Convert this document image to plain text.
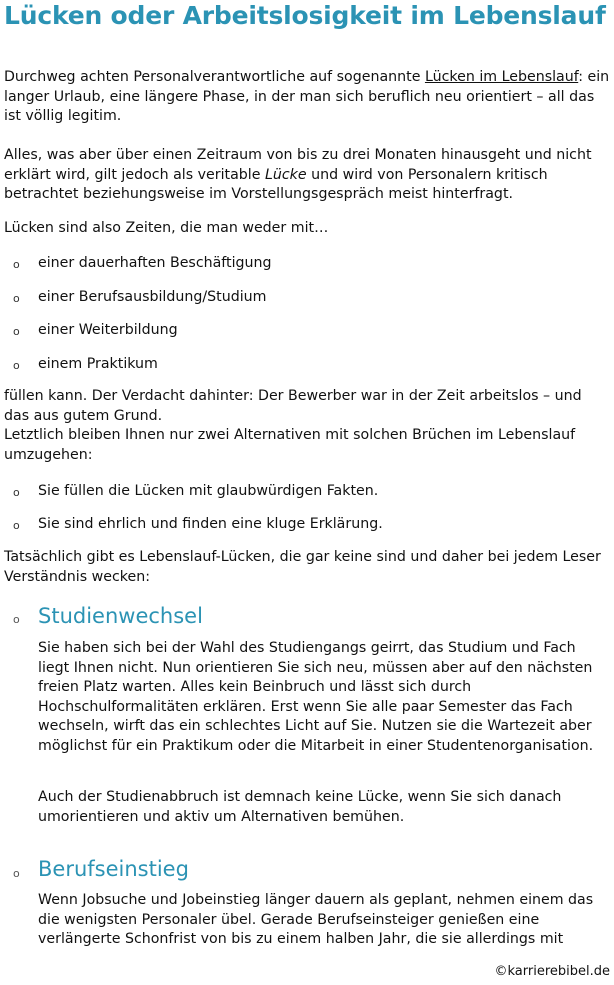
Lücken oder Arbeitslosigkeit im Lebenslauf

Durchweg achten Personalverantwortliche auf sogenannte Lücken im Lebenslauf: ein langer Urlaub, eine längere Phase, in der man sich beruflich neu orientiert – all das ist völlig legitim.

Alles, was aber über einen Zeitraum von bis zu drei Monaten hinausgeht und nicht erklärt wird, gilt jedoch als veritable Lücke und wird von Personalern kritisch betrachtet beziehungsweise im Vorstellungsgespräch meist hinterfragt.

Lücken sind also Zeiten, die man weder mit…

o einer dauerhaften Beschäftigung
o einer Berufsausbildung/Studium
o einer Weiterbildung
o einem Praktikum

füllen kann. Der Verdacht dahinter: Der Bewerber war in der Zeit arbeitslos – und das aus gutem Grund.

Letztlich bleiben Ihnen nur zwei Alternativen mit solchen Brüchen im Lebenslauf umzugehen:

o Sie füllen die Lücken mit glaubwürdigen Fakten.
o Sie sind ehrlich und finden eine kluge Erklärung.

Tatsächlich gibt es Lebenslauf-Lücken, die gar keine sind und daher bei jedem Leser Verständnis wecken:

o Studienwechsel

Sie haben sich bei der Wahl des Studiengangs geirrt, das Studium und Fach liegt Ihnen nicht. Nun orientieren Sie sich neu, müssen aber auf den nächsten freien Platz warten. Alles kein Beinbruch und lässt sich durch Hochschulformalitäten erklären. Erst wenn Sie alle paar Semester das Fach wechseln, wirft das ein schlechtes Licht auf Sie. Nutzen sie die Wartezeit aber möglichst für ein Praktikum oder die Mitarbeit in einer Studentenorganisation.

Auch der Studienabbruch ist demnach keine Lücke, wenn Sie sich danach umorientieren und aktiv um Alternativen bemühen.

o Berufseinstieg

Wenn Jobsuche und Jobeinstieg länger dauern als geplant, nehmen einem das die wenigsten Personaler übel. Gerade Berufseinsteiger genießen eine verlängerte Schonfrist von bis zu einem halben Jahr, die sie allerdings mit

©karrierebibel.de
